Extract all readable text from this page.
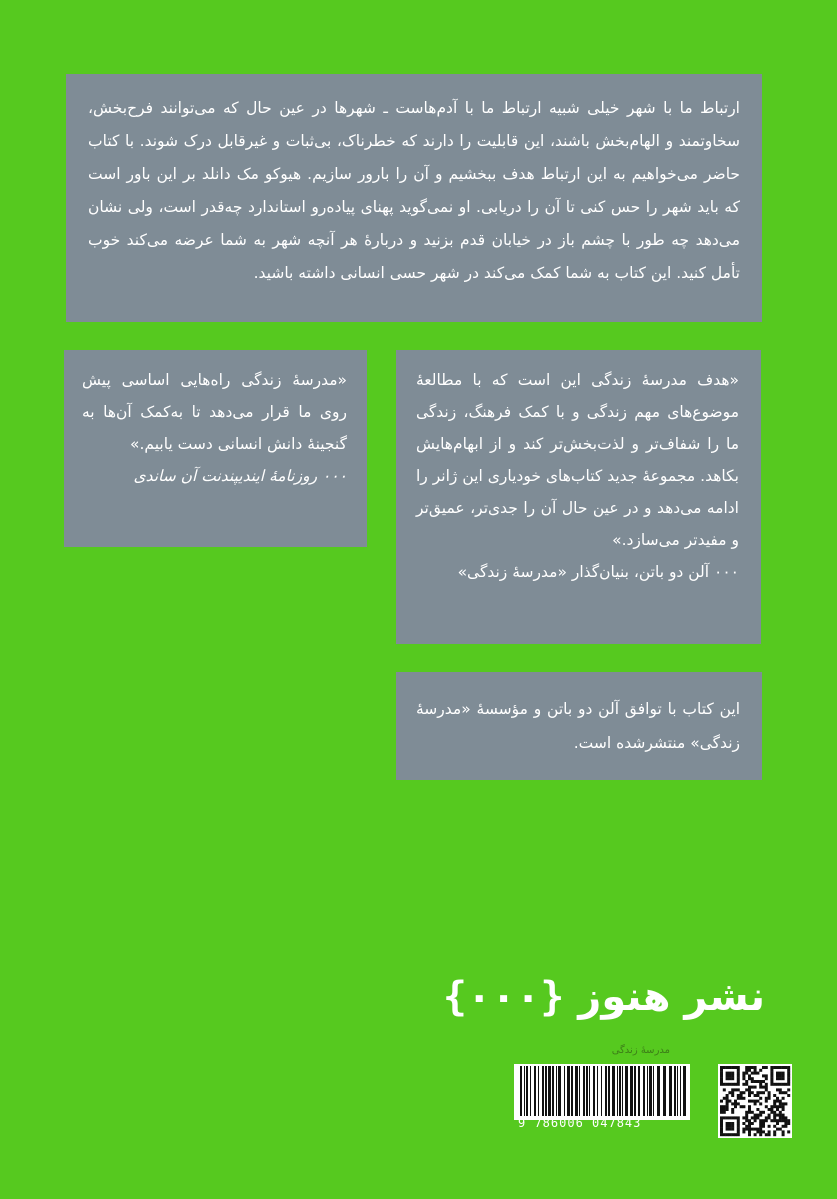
ارتباط ما با شهر خیلی شبیه ارتباط ما با آدم‌هاست ـ شهرها در عین حال که می‌توانند فرح‌بخش، سخاوتمند و الهام‌بخش باشند، این قابلیت را دارند که خطرناک، بی‌ثبات و غیرقابل درک شوند. با کتاب حاضر می‌خواهیم به این ارتباط هدف ببخشیم و آن را بارور سازیم. هیوکو مک دانلد بر این باور است که باید شهر را حس کنی تا آن را دریابی. او نمی‌گوید پهنای پیاده‌رو استاندارد چه‌قدر است، ولی نشان می‌دهد چه طور با چشم باز در خیابان قدم بزنید و دربارهٔ هر آنچه شهر به شما عرضه می‌کند خوب تأمل کنید. این کتاب به شما کمک می‌کند در شهر حسی انسانی داشته باشید.

«مدرسهٔ زندگی راه‌هایی اساسی پیش روی ما قرار می‌دهد تا به‌کمک آن‌ها به گنجینهٔ دانش انسانی دست یابیم.»

٠٠٠ روزنامهٔ ایندیپندنت آن ساندی

«هدف مدرسهٔ زندگی این است که با مطالعهٔ موضوع‌های مهم زندگی و با کمک فرهنگ، زندگی ما را شفاف‌تر و لذت‌بخش‌تر کند و از ابهام‌هایش بکاهد. مجموعهٔ جدید کتاب‌های خودیاری این ژانر را ادامه می‌دهد و در عین حال آن را جدی‌تر، عمیق‌تر و مفیدتر می‌سازد.»

٠٠٠ آلن دو باتن، بنیان‌گذار «مدرسهٔ زندگی»

این کتاب با توافق آلن دو باتن و مؤسسهٔ «مدرسهٔ زندگی» منتشرشده است.

نشر هنوز {٠٠٠}
مدرسهٔ زندگی
9 786006 047843
